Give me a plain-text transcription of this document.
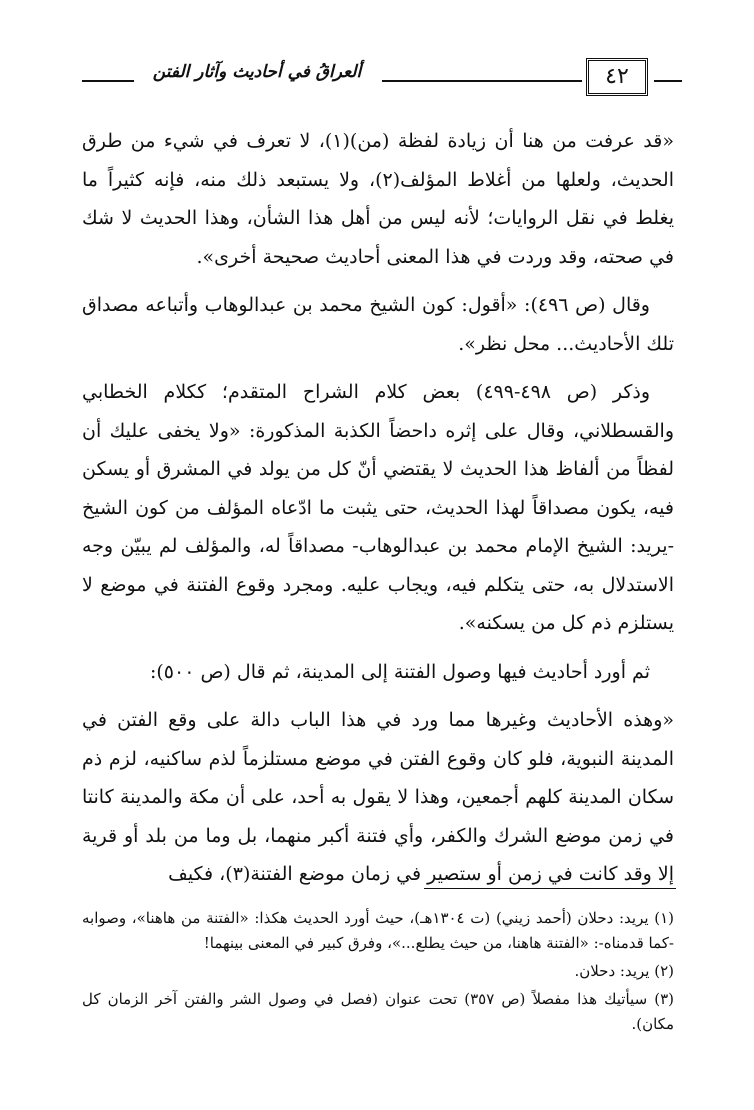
ألعراقُ في أحاديث وآثار الفتن	٤٢

«قد عرفت من هنا أن زيادة لفظة (من)(١)، لا تعرف في شيء من طرق الحديث، ولعلها من أغلاط المؤلف(٢)، ولا يستبعد ذلك منه، فإنه كثيراً ما يغلط في نقل الروايات؛ لأنه ليس من أهل هذا الشأن، وهذا الحديث لا شك في صحته، وقد وردت في هذا المعنى أحاديث صحيحة أخرى».

وقال (ص ٤٩٦): «أقول: كون الشيخ محمد بن عبدالوهاب وأتباعه مصداق تلك الأحاديث... محل نظر».

وذكر (ص ٤٩٨-٤٩٩) بعض كلام الشراح المتقدم؛ ككلام الخطابي والقسطلاني، وقال على إثره داحضاً الكذبة المذكورة: «ولا يخفى عليك أن لفظاً من ألفاظ هذا الحديث لا يقتضي أنّ كل من يولد في المشرق أو يسكن فيه، يكون مصداقاً لهذا الحديث، حتى يثبت ما ادّعاه المؤلف من كون الشيخ -يريد: الشيخ الإمام محمد بن عبدالوهاب- مصداقاً له، والمؤلف لم يبيّن وجه الاستدلال به، حتى يتكلم فيه، ويجاب عليه. ومجرد وقوع الفتنة في موضع لا يستلزم ذم كل من يسكنه».

ثم أورد أحاديث فيها وصول الفتنة إلى المدينة، ثم قال (ص ٥٠٠):

«وهذه الأحاديث وغيرها مما ورد في هذا الباب دالة على وقع الفتن في المدينة النبوية، فلو كان وقوع الفتن في موضع مستلزماً لذم ساكنيه، لزم ذم سكان المدينة كلهم أجمعين، وهذا لا يقول به أحد، على أن مكة والمدينة كانتا في زمن موضع الشرك والكفر، وأي فتنة أكبر منهما، بل وما من بلد أو قرية إلا وقد كانت في زمن أو ستصير في زمان موضع الفتنة(٣)، فكيف

(١) يريد: دحلان (أحمد زيني) (ت ١٣٠٤هـ)، حيث أورد الحديث هكذا: «الفتنة من هاهنا»، وصوابه -كما قدمناه-: «الفتنة هاهنا، من حيث يطلع...»، وفرق كبير في المعنى بينهما!

(٢) يريد: دحلان.

(٣) سيأتيك هذا مفصلاً (ص ٣٥٧) تحت عنوان (فصل في وصول الشر والفتن آخر الزمان كل مكان).
